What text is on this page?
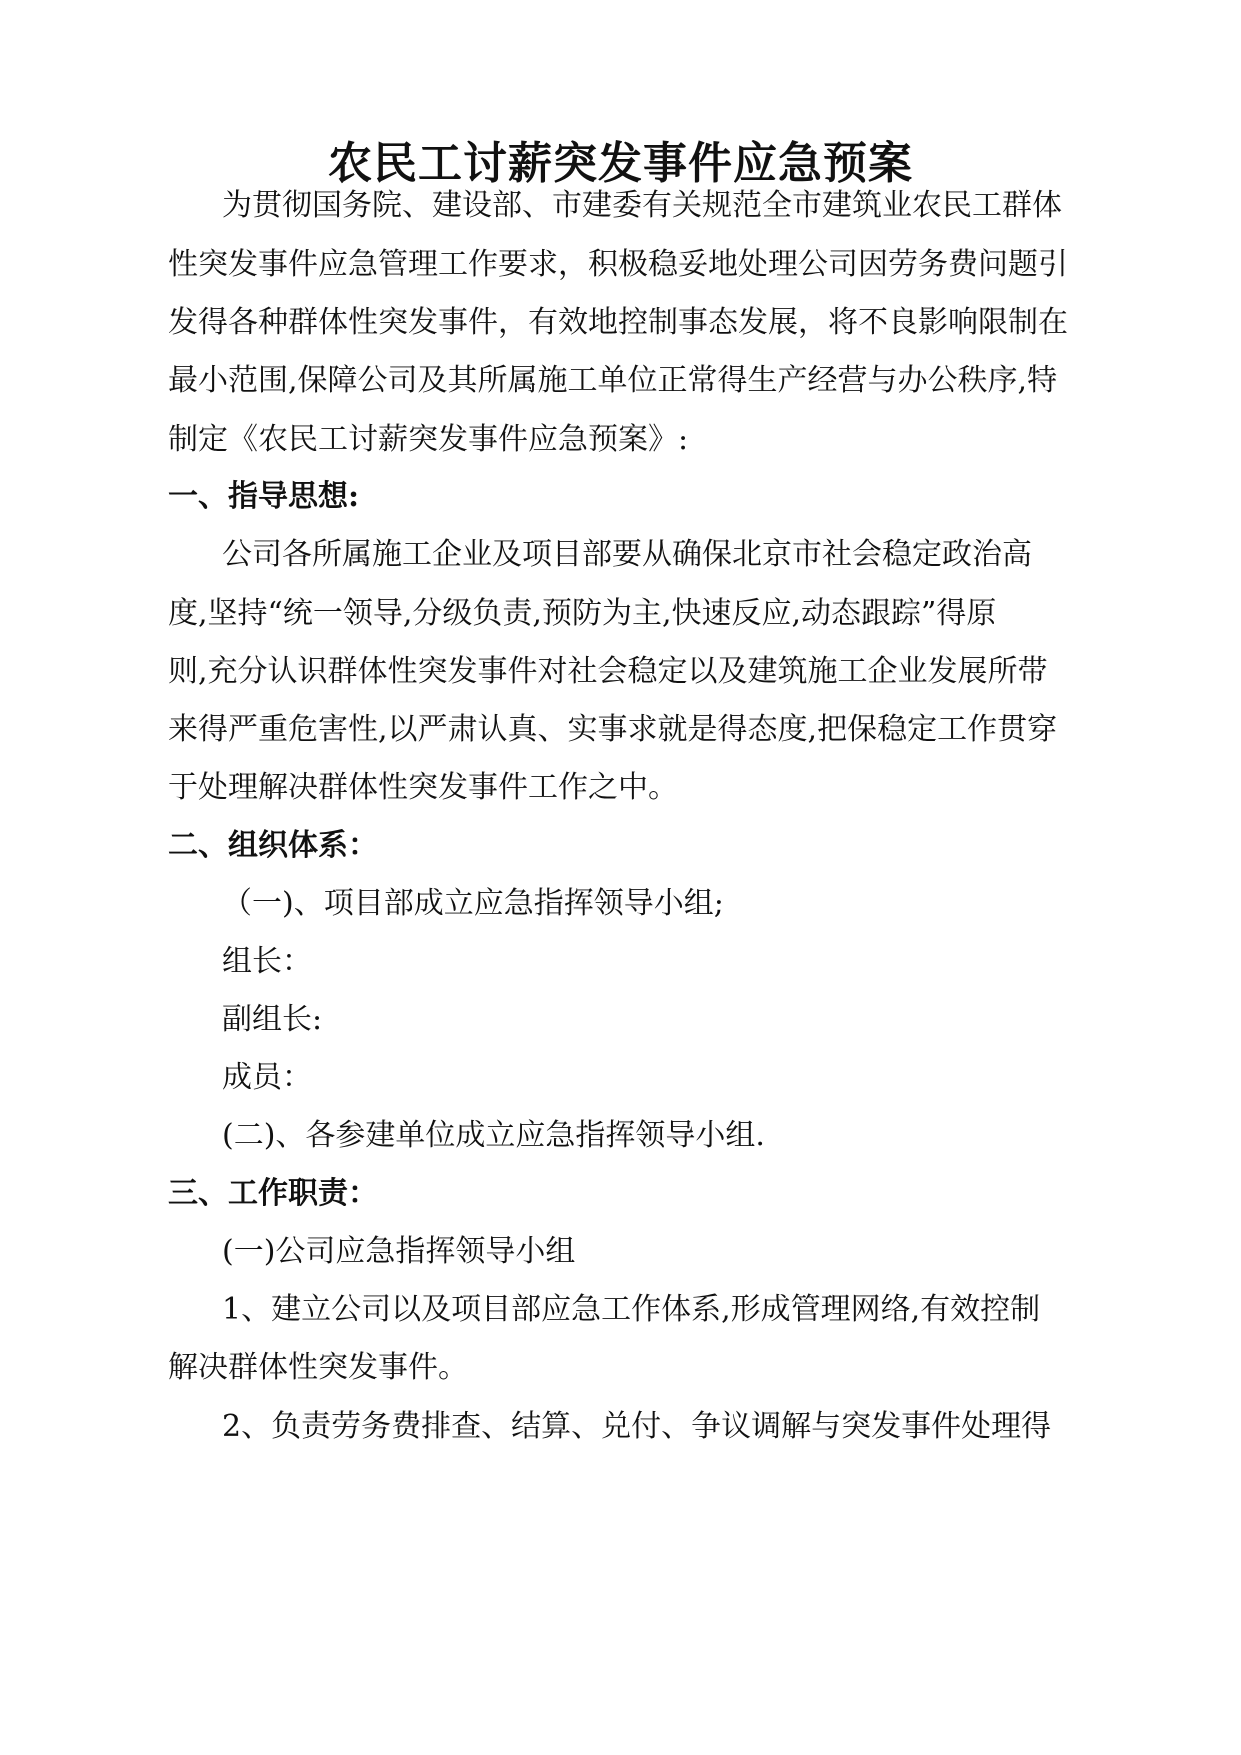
农民工讨薪突发事件应急预案
为贯彻国务院、建设部、市建委有关规范全市建筑业农民工群体
性突发事件应急管理工作要求，积极稳妥地处理公司因劳务费问题引
发得各种群体性突发事件，有效地控制事态发展，将不良影响限制在
最小范围,保障公司及其所属施工单位正常得生产经营与办公秩序,特
制定《农民工讨薪突发事件应急预案》:
一、指导思想:
公司各所属施工企业及项目部要从确保北京市社会稳定政治高
度,坚持“统一领导,分级负责,预防为主,快速反应,动态跟踪”得原
则,充分认识群体性突发事件对社会稳定以及建筑施工企业发展所带
来得严重危害性,以严肃认真、实事求就是得态度,把保稳定工作贯穿
于处理解决群体性突发事件工作之中。
二、组织体系：
（一)、项目部成立应急指挥领导小组;
组长：
副组长:
成员：
(二)、各参建单位成立应急指挥领导小组.
三、工作职责：
(一)公司应急指挥领导小组
1、建立公司以及项目部应急工作体系,形成管理网络,有效控制
解决群体性突发事件。
2、负责劳务费排查、结算、兑付、争议调解与突发事件处理得
